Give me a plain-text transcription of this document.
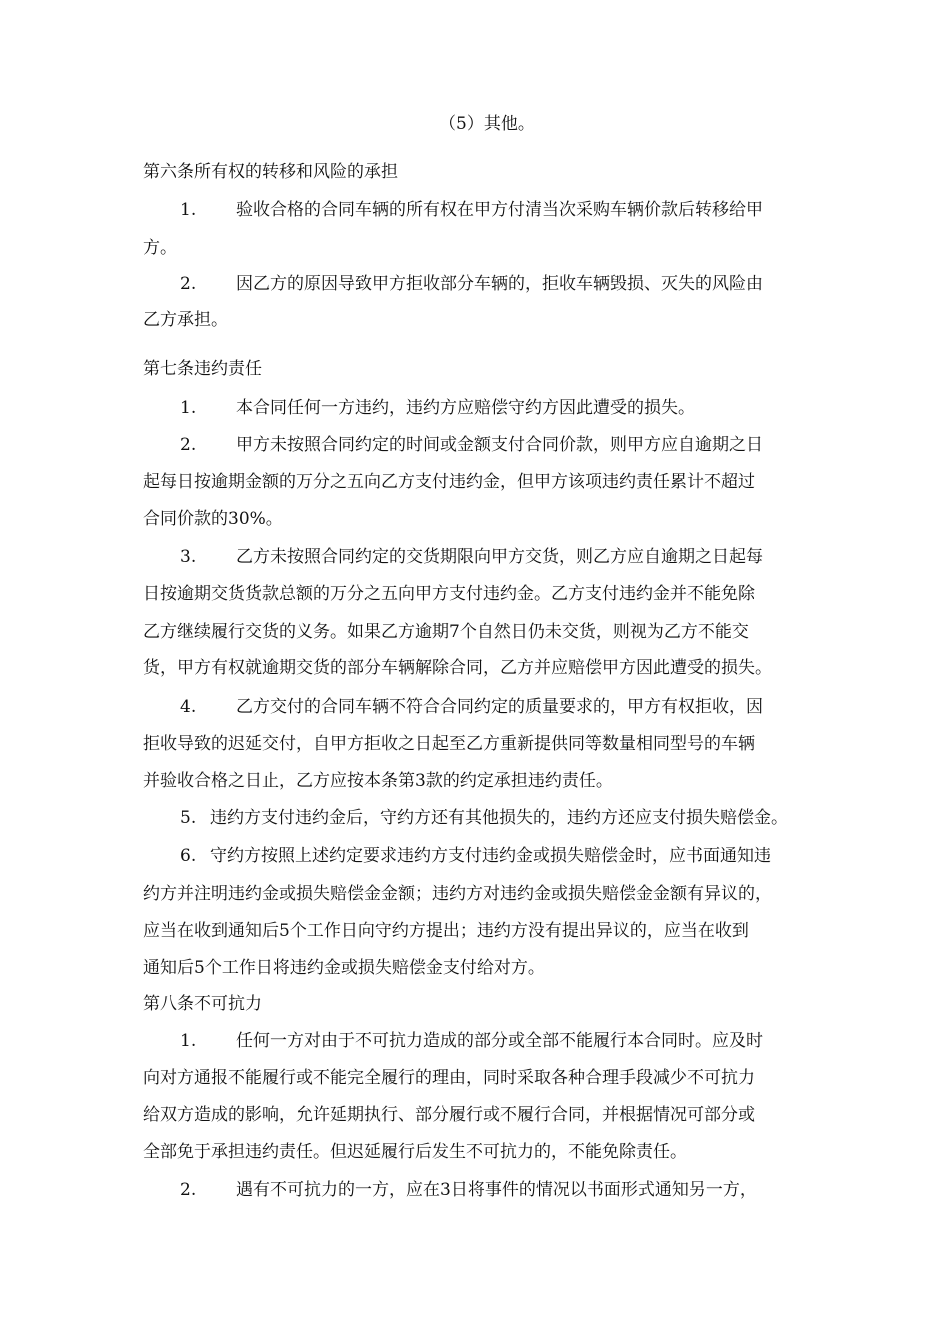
（5）其他。
第六条所有权的转移和风险的承担
1. 验收合格的合同车辆的所有权在甲方付清当次采购车辆价款后转移给甲
方。
2. 因乙方的原因导致甲方拒收部分车辆的，拒收车辆毁损、灭失的风险由
乙方承担。
第七条违约责任
1. 本合同任何一方违约，违约方应赔偿守约方因此遭受的损失。
2. 甲方未按照合同约定的时间或金额支付合同价款，则甲方应自逾期之日
起每日按逾期金额的万分之五向乙方支付违约金，但甲方该项违约责任累计不超过
合同价款的30%。
3. 乙方未按照合同约定的交货期限向甲方交货，则乙方应自逾期之日起每
日按逾期交货货款总额的万分之五向甲方支付违约金。乙方支付违约金并不能免除
乙方继续履行交货的义务。如果乙方逾期7个自然日仍未交货，则视为乙方不能交
货，甲方有权就逾期交货的部分车辆解除合同，乙方并应赔偿甲方因此遭受的损失。
4. 乙方交付的合同车辆不符合合同约定的质量要求的，甲方有权拒收，因
拒收导致的迟延交付，自甲方拒收之日起至乙方重新提供同等数量相同型号的车辆
并验收合格之日止，乙方应按本条第3款的约定承担违约责任。
5. 违约方支付违约金后，守约方还有其他损失的，违约方还应支付损失赔偿金。
6. 守约方按照上述约定要求违约方支付违约金或损失赔偿金时，应书面通知违
约方并注明违约金或损失赔偿金金额；违约方对违约金或损失赔偿金金额有异议的，
应当在收到通知后5个工作日向守约方提出；违约方没有提出异议的，应当在收到
通知后5个工作日将违约金或损失赔偿金支付给对方。
第八条不可抗力
1. 任何一方对由于不可抗力造成的部分或全部不能履行本合同时。应及时
向对方通报不能履行或不能完全履行的理由，同时采取各种合理手段减少不可抗力
给双方造成的影响，允许延期执行、部分履行或不履行合同，并根据情况可部分或
全部免于承担违约责任。但迟延履行后发生不可抗力的，不能免除责任。
2. 遇有不可抗力的一方，应在3日将事件的情况以书面形式通知另一方，
